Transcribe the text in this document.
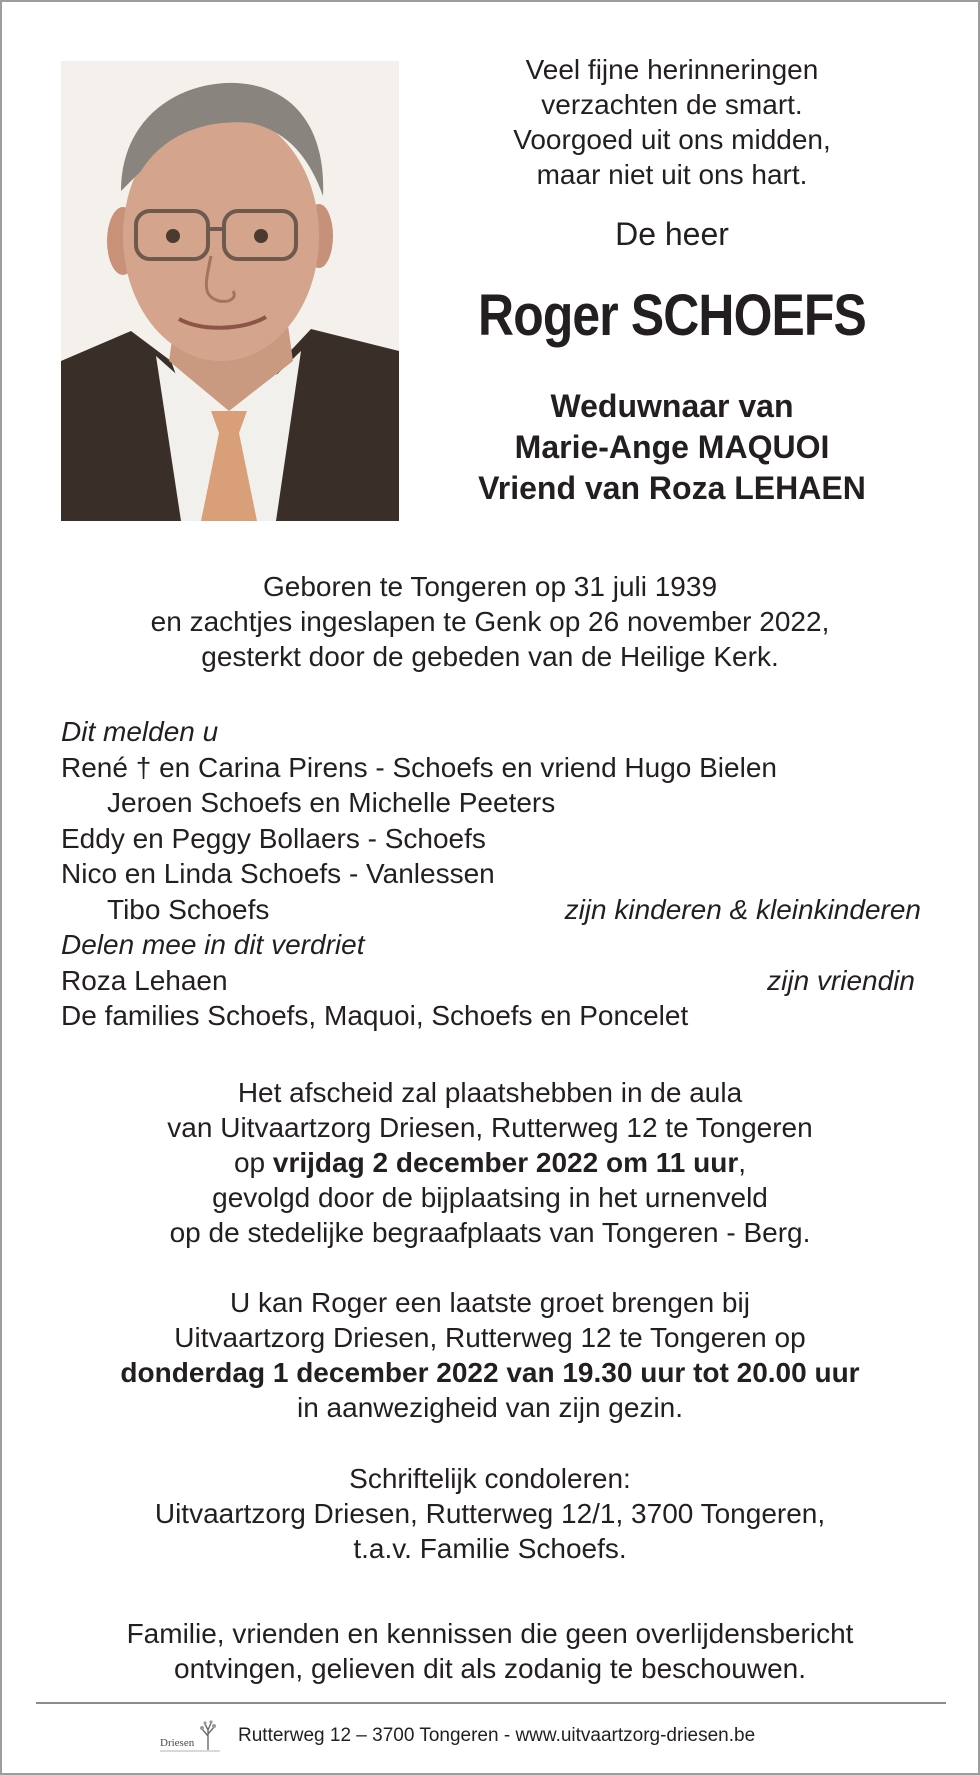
Veel fijne herinneringen
verzachten de smart.
Voorgoed uit ons midden,
maar niet uit ons hart.
De heer
Roger SCHOEFS
Weduwnaar van
Marie-Ange MAQUOI
Vriend van Roza LEHAEN
Geboren te Tongeren op 31 juli 1939
en zachtjes ingeslapen te Genk op 26 november 2022,
gesterkt door de gebeden van de Heilige Kerk.
Dit melden u
René † en Carina Pirens - Schoefs en vriend Hugo Bielen
Jeroen Schoefs en Michelle Peeters
Eddy en Peggy Bollaers - Schoefs
Nico en Linda Schoefs - Vanlessen
Tibo Schoefs	zijn kinderen & kleinkinderen
Delen mee in dit verdriet
Roza Lehaen	zijn vriendin
De families Schoefs, Maquoi, Schoefs en Poncelet
Het afscheid zal plaatshebben in de aula
van Uitvaartzorg Driesen, Rutterweg 12 te Tongeren
op vrijdag 2 december 2022 om 11 uur,
gevolgd door de bijplaatsing in het urnenveld
op de stedelijke begraafplaats van Tongeren - Berg.
U kan Roger een laatste groet brengen bij
Uitvaartzorg Driesen, Rutterweg 12 te Tongeren op
donderdag 1 december 2022 van 19.30 uur tot 20.00 uur
in aanwezigheid van zijn gezin.
Schriftelijk condoleren:
Uitvaartzorg Driesen, Rutterweg 12/1, 3700 Tongeren,
t.a.v. Familie Schoefs.
Familie, vrienden en kennissen die geen overlijdensbericht
ontvingen, gelieven dit als zodanig te beschouwen.
Driesen Rutterweg 12 – 3700 Tongeren - www.uitvaartzorg-driesen.be
